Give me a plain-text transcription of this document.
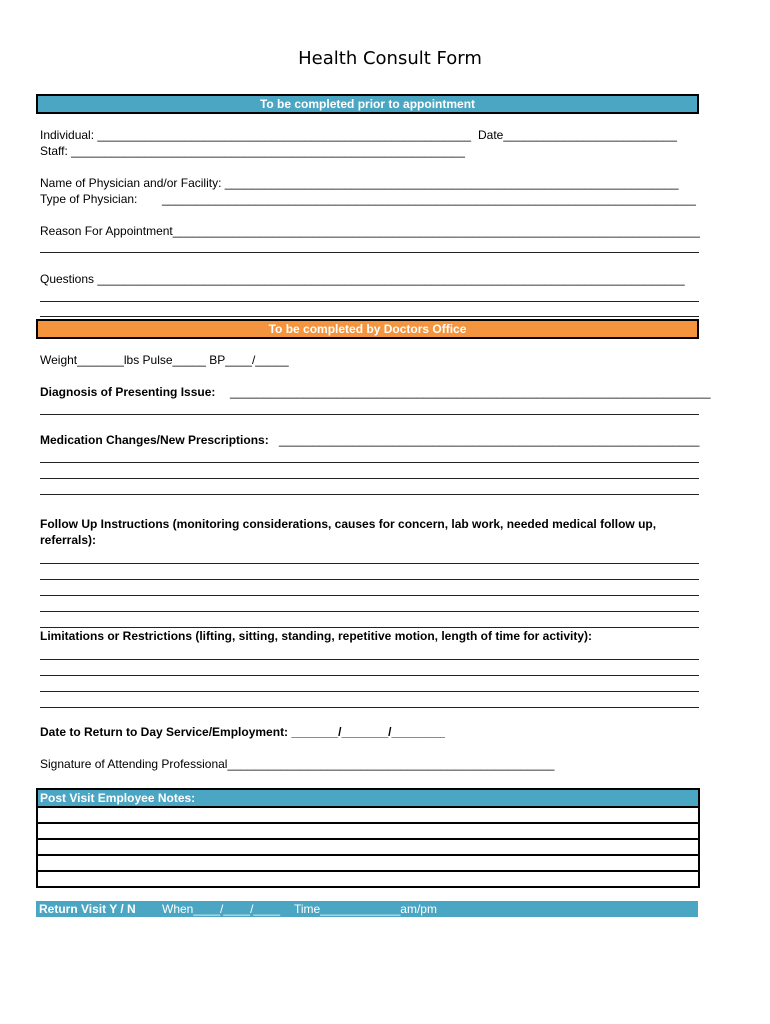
Health Consult Form
To be completed prior to appointment
Individual: ________________________________________________________ Date__________________________
Staff: ___________________________________________________________
Name of Physician and/or Facility: ____________________________________________________________________
Type of Physician: ________________________________________________________________________________
Reason For Appointment_______________________________________________________________________________
Questions ________________________________________________________________________________________
To be completed by Doctors Office
Weight_______lbs Pulse_____ BP____/_____
Diagnosis of Presenting Issue: ________________________________________________________________________
Medication Changes/New Prescriptions: _______________________________________________________________
Follow Up Instructions (monitoring considerations, causes for concern, lab work, needed medical follow up,
referrals):
Limitations or Restrictions (lifting, sitting, standing, repetitive motion, length of time for activity):
Date to Return to Day Service/Employment: _______/_______/________
Signature of Attending Professional_________________________________________________
Post Visit Employee Notes:
Return Visit Y / N When____/____/____ Time____________am/pm
